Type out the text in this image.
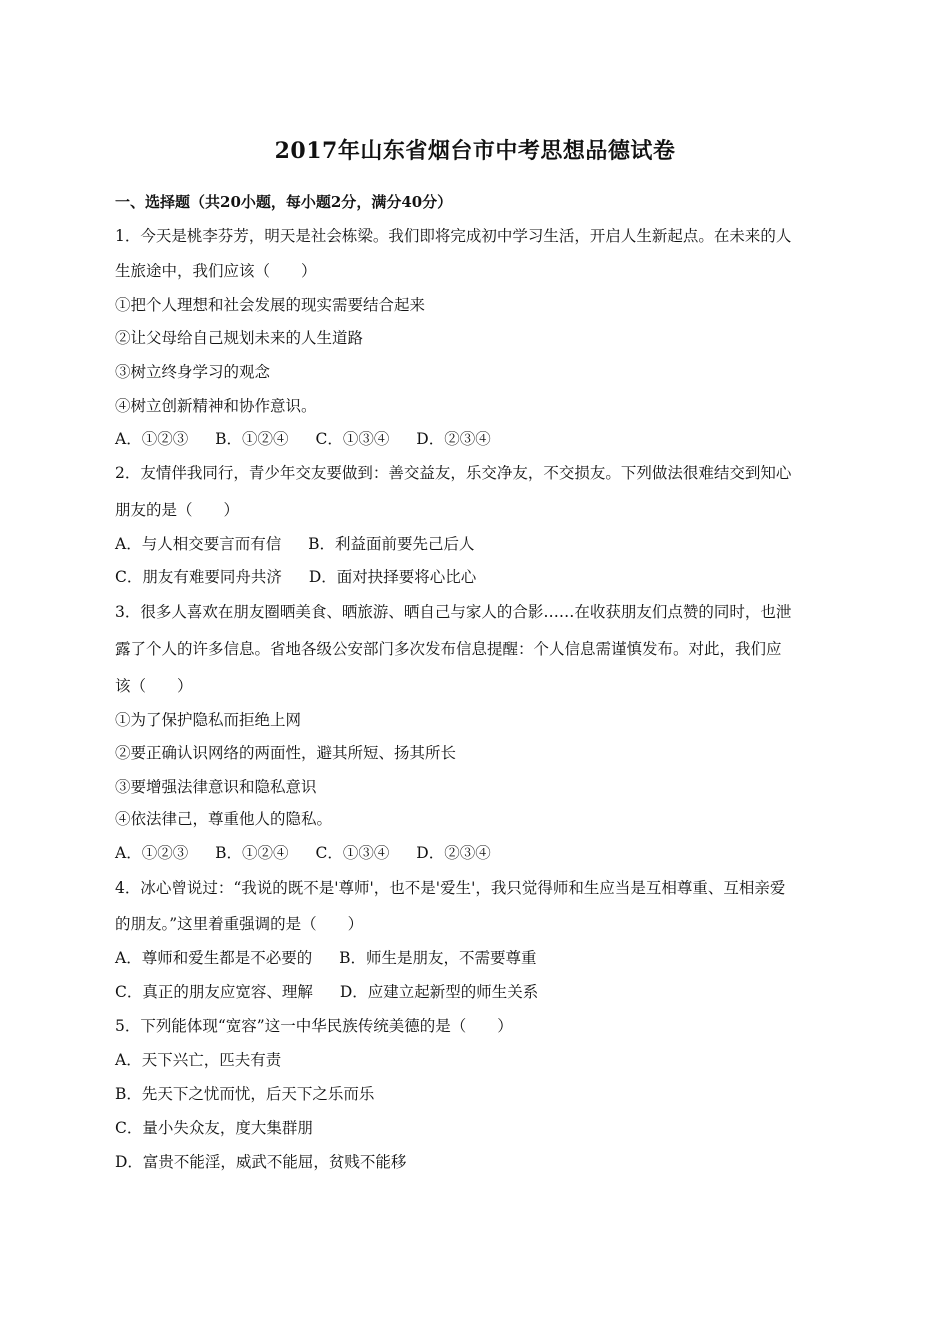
2017年山东省烟台市中考思想品德试卷
一、选择题（共20小题，每小题2分，满分40分）
1．今天是桃李芬芳，明天是社会栋梁。我们即将完成初中学习生活，开启人生新起点。在未来的人
生旅途中，我们应该（　　）
①把个人理想和社会发展的现实需要结合起来
②让父母给自己规划未来的人生道路
③树立终身学习的观念
④树立创新精神和协作意识。
A．①②③ B．①②④ C．①③④ D．②③④
2．友情伴我同行，青少年交友要做到：善交益友，乐交净友，不交损友。下列做法很难结交到知心
朋友的是（　　）
A．与人相交要言而有信 B．利益面前要先己后人
C．朋友有难要同舟共济 D．面对抉择要将心比心
3．很多人喜欢在朋友圈晒美食、晒旅游、晒自己与家人的合影……在收获朋友们点赞的同时，也泄
露了个人的许多信息。省地各级公安部门多次发布信息提醒：个人信息需谨慎发布。对此，我们应
该（　　）
①为了保护隐私而拒绝上网
②要正确认识网络的两面性，避其所短、扬其所长
③要增强法律意识和隐私意识
④依法律己，尊重他人的隐私。
A．①②③ B．①②④ C．①③④ D．②③④
4．冰心曾说过：“我说的既不是'尊师'，也不是'爱生'，我只觉得师和生应当是互相尊重、互相亲爱
的朋友。”这里着重强调的是（　　）
A．尊师和爱生都是不必要的 B．师生是朋友，不需要尊重
C．真正的朋友应宽容、理解 D．应建立起新型的师生关系
5．下列能体现“宽容”这一中华民族传统美德的是（　　）
A．天下兴亡，匹夫有责
B．先天下之忧而忧，后天下之乐而乐
C．量小失众友，度大集群朋
D．富贵不能淫，威武不能屈，贫贱不能移
